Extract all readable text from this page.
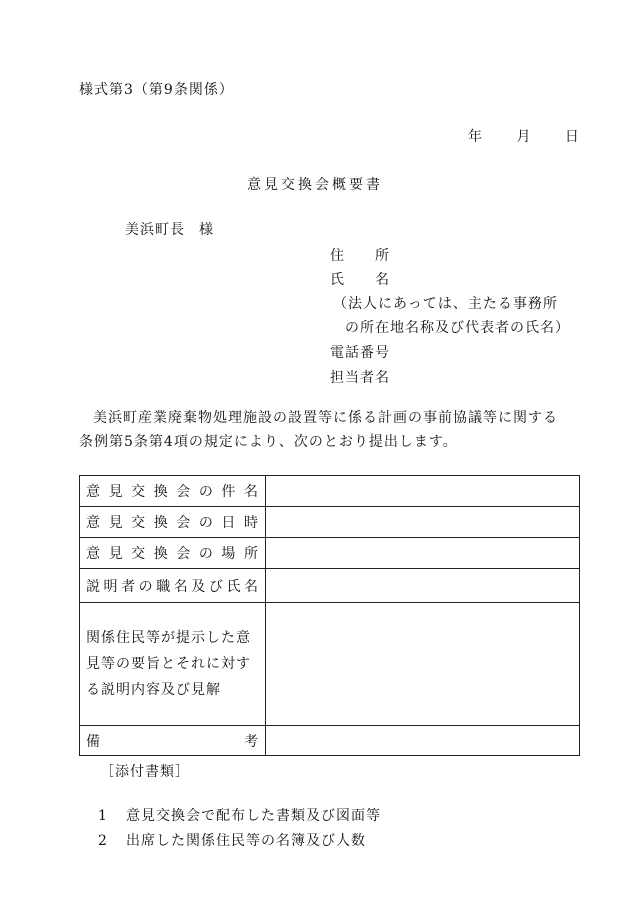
様式第3（第9条関係）
年 月 日
意見交換会概要書
美浜町長 様
住　　所
氏　　名
（法人にあっては、主たる事務所
の所在地名称及び代表者の氏名）
電話番号
担当者名

美浜町産業廃棄物処理施設の設置等に係る計画の事前協議等に関する

条例第5条第4項の規定により、次のとおり提出します。

意見交換会の件名	

意見交換会の日時	

意見交換会の場所	

説明者の職名及び氏名	

関係住民等が提示した意見等の要旨とそれに対する説明内容及び見解	

備考	

［添付書類］
1 意見交換会で配布した書類及び図面等
2 出席した関係住民等の名簿及び人数
